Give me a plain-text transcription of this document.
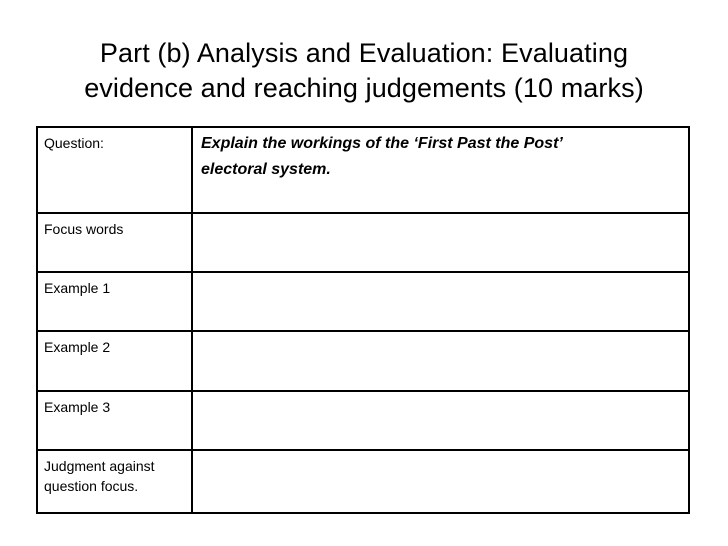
Part (b) Analysis and Evaluation: Evaluating
evidence and reaching judgements (10 marks)
Question:	Explain the workings of the ‘First Past the Post’
electoral system.

Focus words	

Example 1	

Example 2	

Example 3	

Judgment against
question focus.	
